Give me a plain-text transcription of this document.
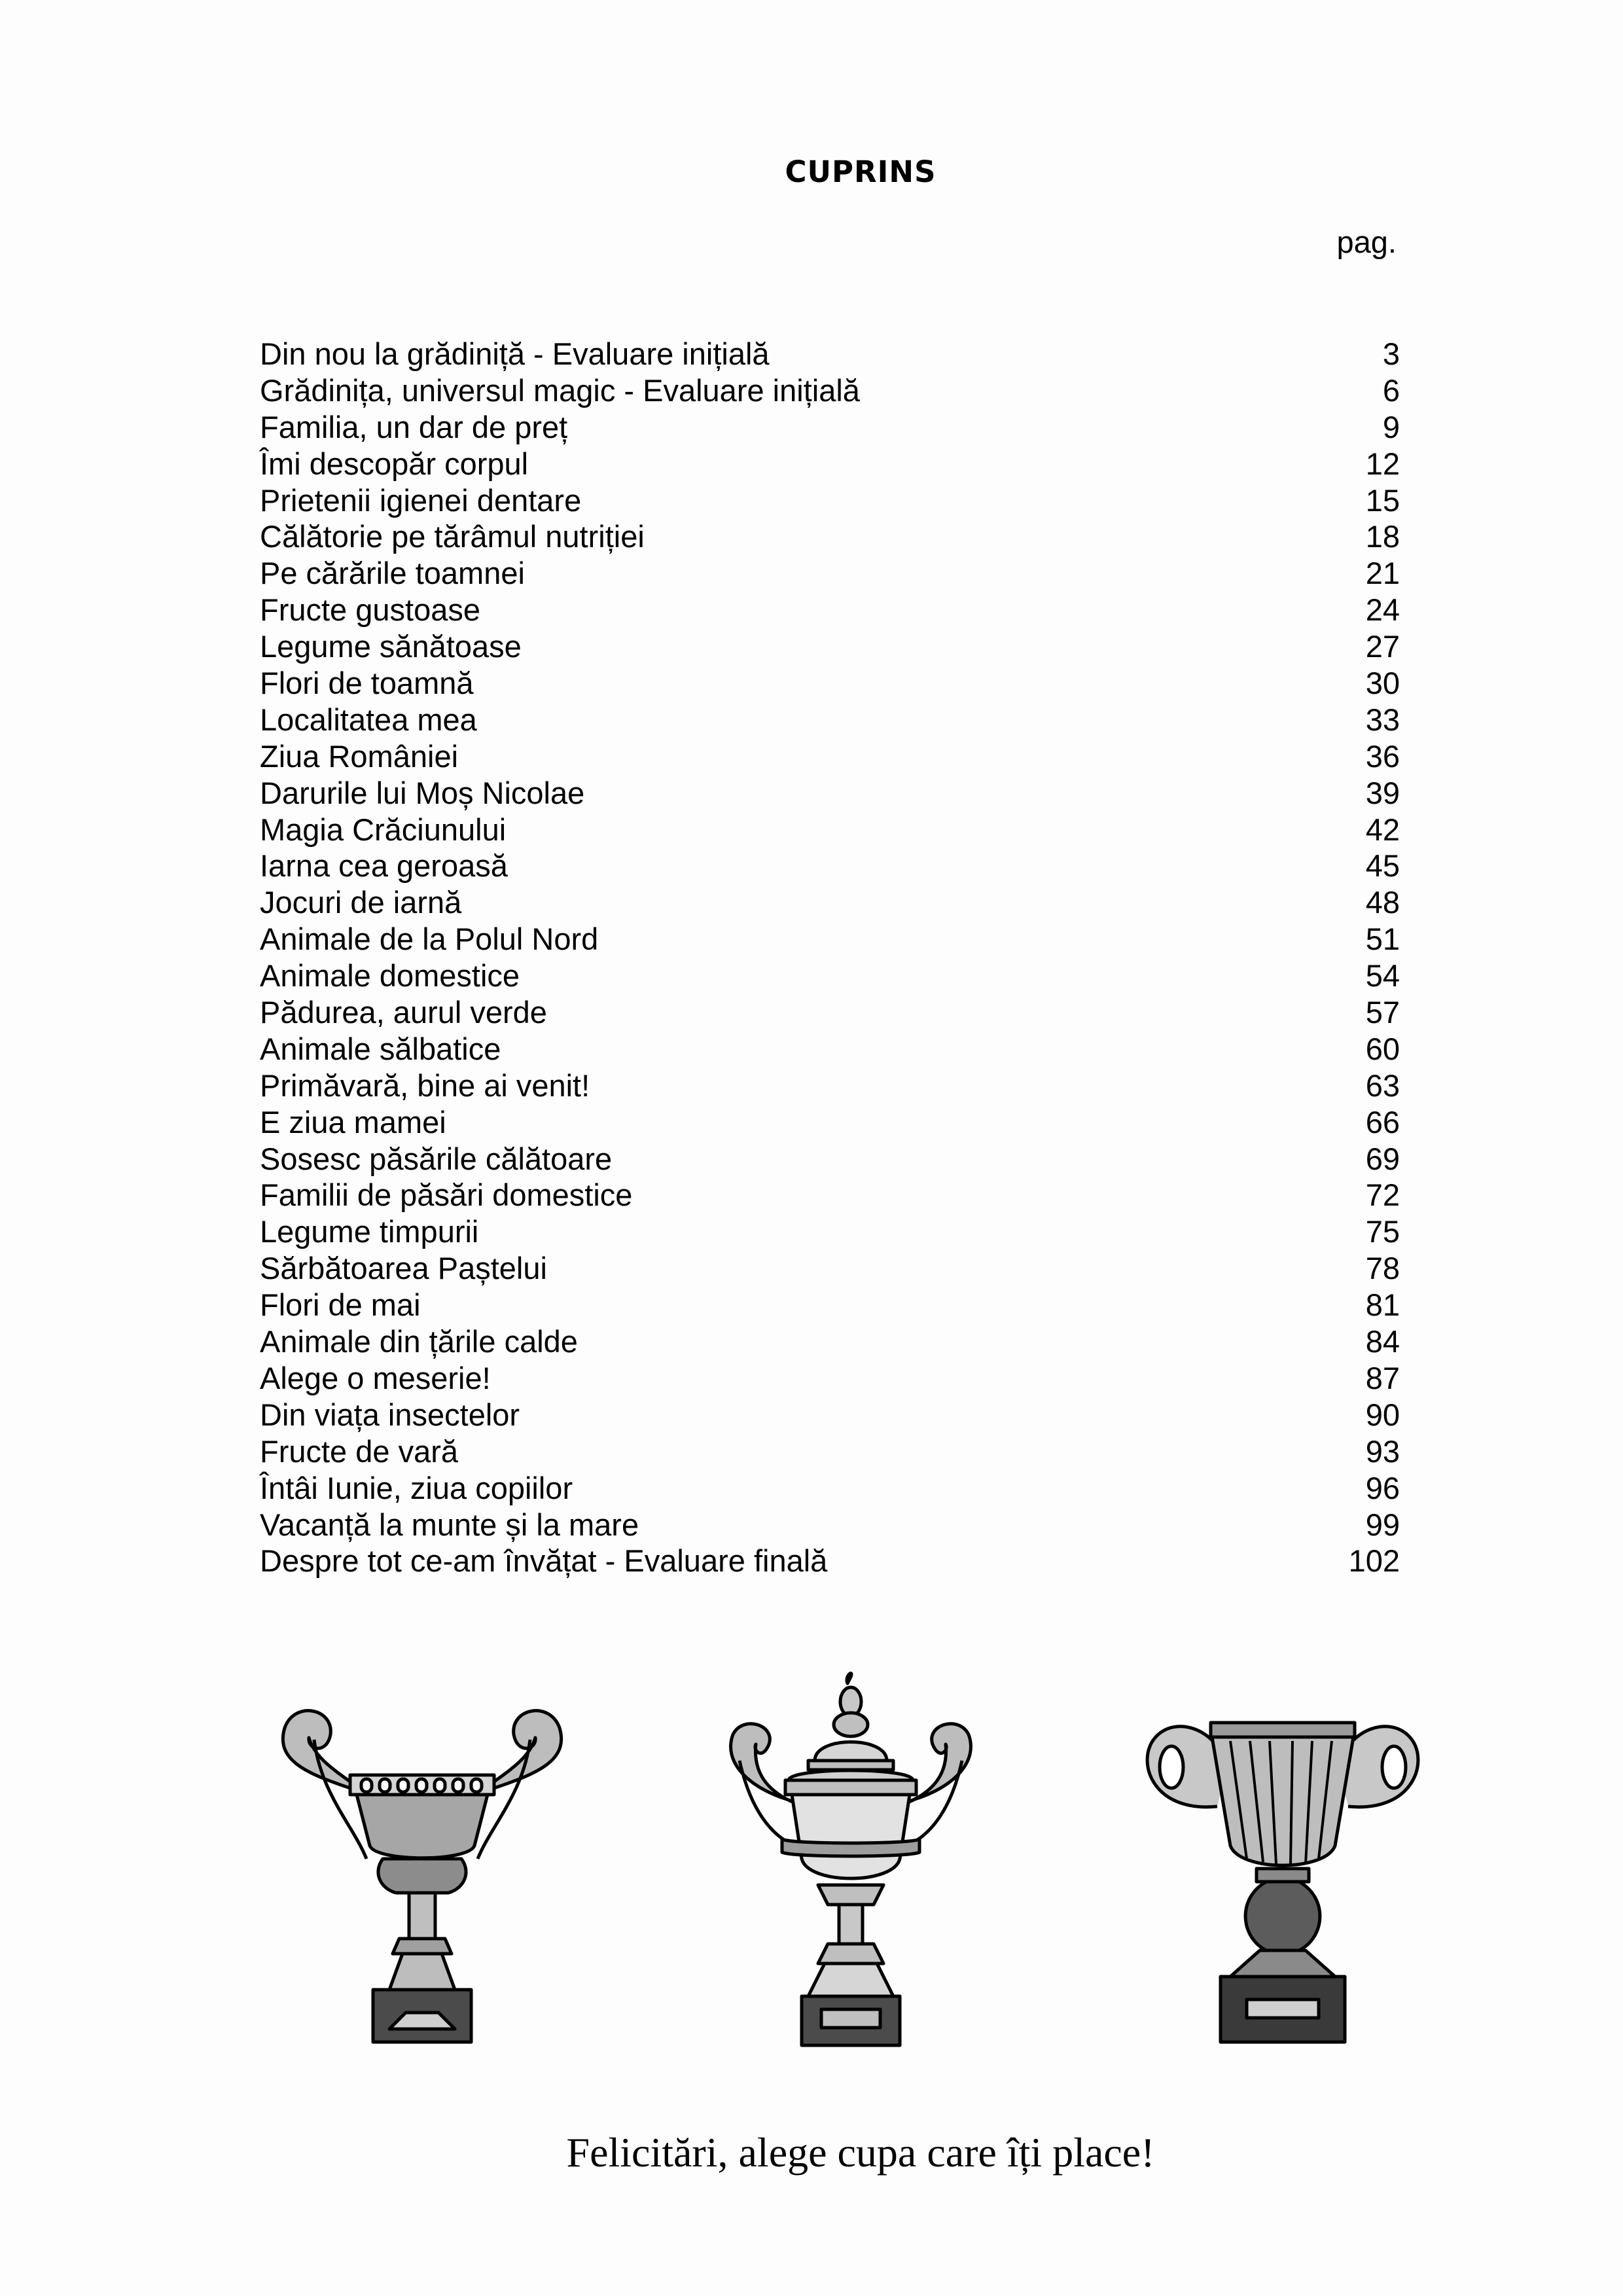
CUPRINS
pag.
Din nou la grădiniță - Evaluare inițială	3
Grădinița, universul magic - Evaluare inițială	6
Familia, un dar de preț	9
Îmi descopăr corpul	12
Prietenii igienei dentare	15
Călătorie pe tărâmul nutriției	18
Pe cărările toamnei	21
Fructe gustoase	24
Legume sănătoase	27
Flori de toamnă	30
Localitatea mea	33
Ziua României	36
Darurile lui Moș Nicolae	39
Magia Crăciunului	42
Iarna cea geroasă	45
Jocuri de iarnă	48
Animale de la Polul Nord	51
Animale domestice	54
Pădurea, aurul verde	57
Animale sălbatice	60
Primăvară, bine ai venit!	63
E ziua mamei	66
Sosesc păsările călătoare	69
Familii de păsări domestice	72
Legume timpurii	75
Sărbătoarea Paștelui	78
Flori de mai	81
Animale din țările calde	84
Alege o meserie!	87
Din viața insectelor	90
Fructe de vară	93
Întâi Iunie, ziua copiilor	96
Vacanță la munte și la mare	99
Despre tot ce-am învățat - Evaluare finală	102
Felicitări, alege cupa care îți place!
